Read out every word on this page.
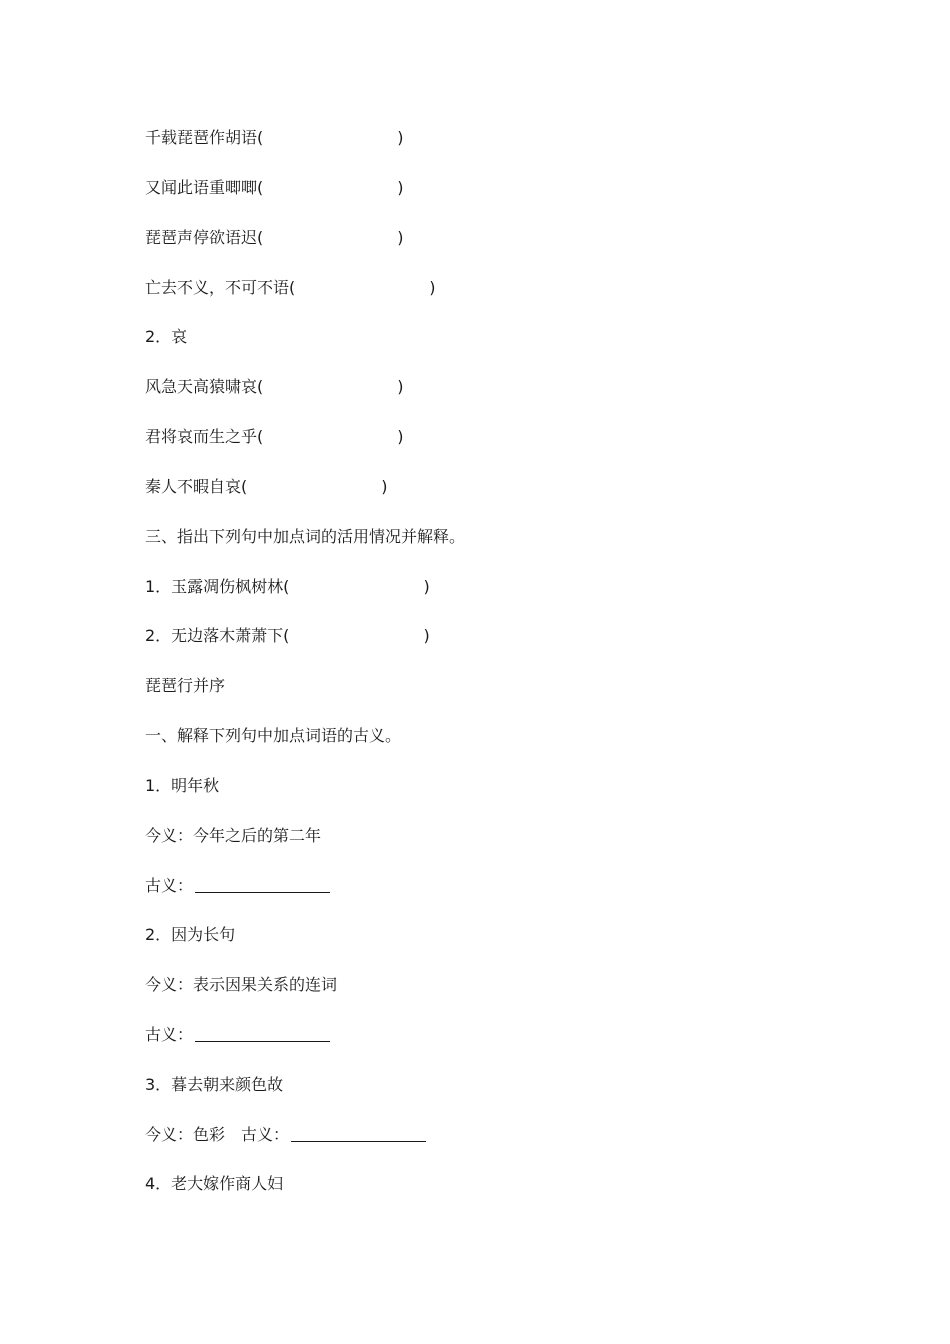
千载琵琶作胡语(	)
又闻此语重唧唧(	)
琵琶声停欲语迟(	)
亡去不义，不可不语(	)
2．哀
风急天高猿啸哀(	)
君将哀而生之乎(	)
秦人不暇自哀(	)
三、指出下列句中加点词的活用情况并解释。
1．玉露凋伤枫树林(	)
2．无边落木萧萧下(	)
琵琶行并序
一、解释下列句中加点词语的古义。
1．明年秋
今义：今年之后的第二年
古义：
2．因为长句
今义：表示因果关系的连词
古义：
3．暮去朝来颜色故
今义：色彩　古义：
4．老大嫁作商人妇
